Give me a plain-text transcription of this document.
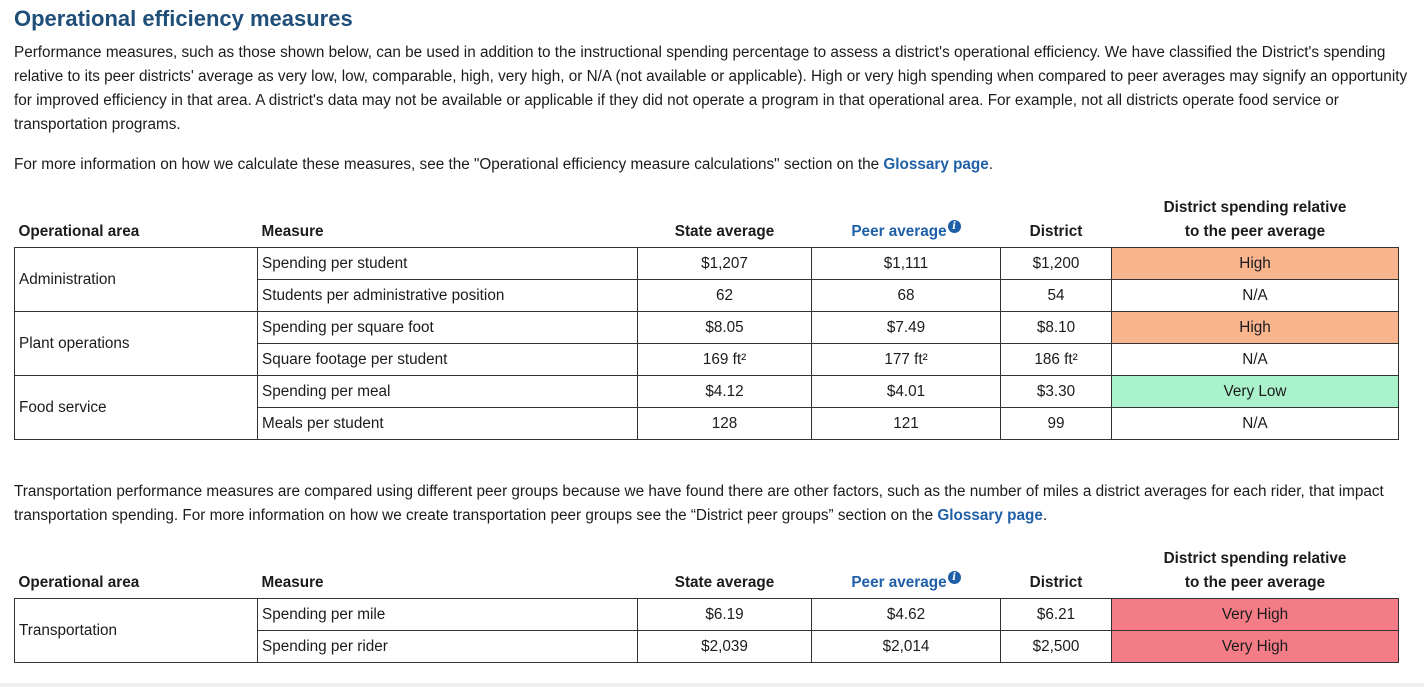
Operational efficiency measures

Performance measures, such as those shown below, can be used in addition to the instructional spending percentage to assess a district's operational efficiency. We have classified the District's spending relative to its peer districts' average as very low, low, comparable, high, very high, or N/A (not available or applicable). High or very high spending when compared to peer averages may signify an opportunity for improved efficiency in that area. A district's data may not be available or applicable if they did not operate a program in that operational area. For example, not all districts operate food service or transportation programs.

For more information on how we calculate these measures, see the "Operational efficiency measure calculations" section on the Glossary page.

Operational area	Measure	State average	Peer average i	District	District spending relative
to the peer average
Administration	Spending per student	$1,207	$1,111	$1,200	High
	Students per administrative position	62	68	54	N/A
Plant operations	Spending per square foot	$8.05	$7.49	$8.10	High
	Square footage per student	169 ft²	177 ft²	186 ft²	N/A
Food service	Spending per meal	$4.12	$4.01	$3.30	Very Low
	Meals per student	128	121	99	N/A

Transportation performance measures are compared using different peer groups because we have found there are other factors, such as the number of miles a district averages for each rider, that impact transportation spending. For more information on how we create transportation peer groups see the “District peer groups” section on the Glossary page.

Operational area	Measure	State average	Peer average i	District	District spending relative
to the peer average
Transportation	Spending per mile	$6.19	$4.62	$6.21	Very High
	Spending per rider	$2,039	$2,014	$2,500	Very High
